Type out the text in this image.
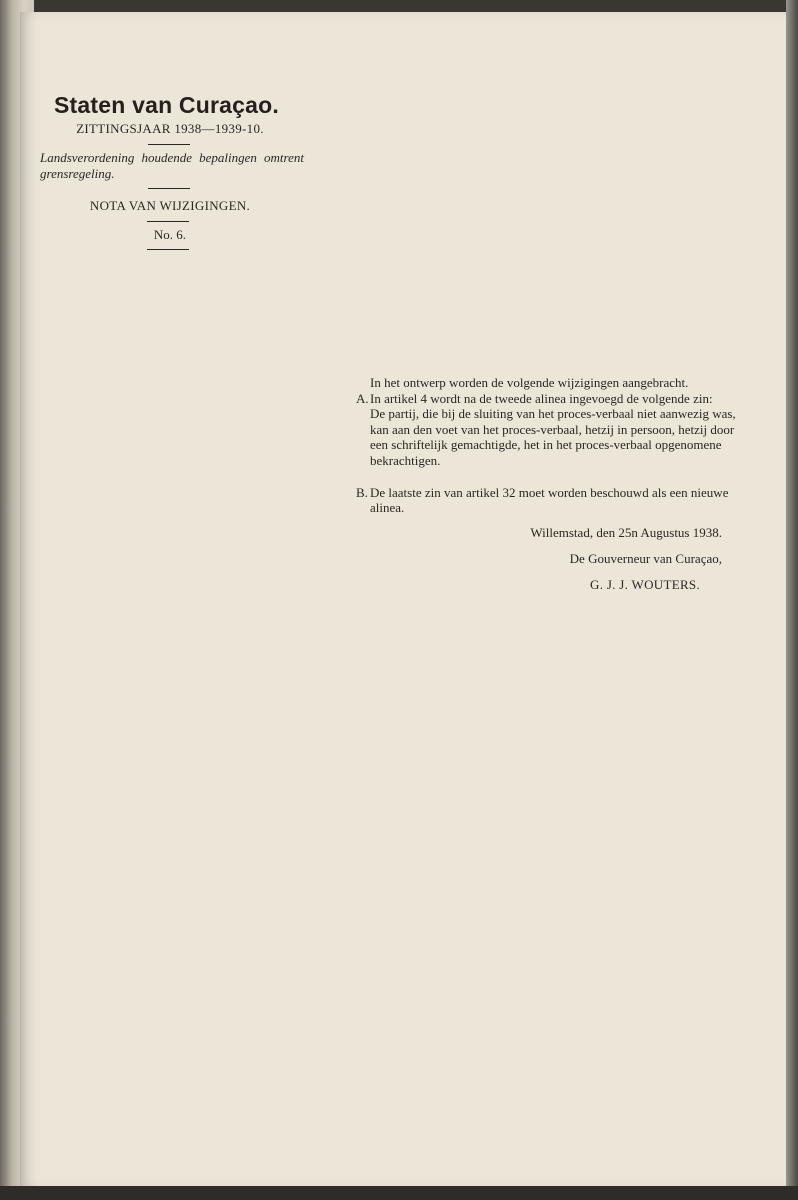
Staten van Curaçao.
ZITTINGSJAAR 1938—1939-10.
Landsverordening houdende bepalingen omtrent grensregeling.
NOTA VAN WIJZIGINGEN.
No. 6.

In het ontwerp worden de volgende wijzigingen aangebracht.

A. In artikel 4 wordt na de tweede alinea ingevoegd de volgende zin:

De partij, die bij de sluiting van het proces-verbaal niet aanwezig was, kan aan den voet van het proces-verbaal, hetzij in persoon, hetzij door een schriftelijk gemachtigde, het in het proces-verbaal opgenomene bekrachtigen.

B. De laatste zin van artikel 32 moet worden beschouwd als een nieuwe alinea.

Willemstad, den 25n Augustus 1938.

De Gouverneur van Curaçao,

G. J. J. WOUTERS.
